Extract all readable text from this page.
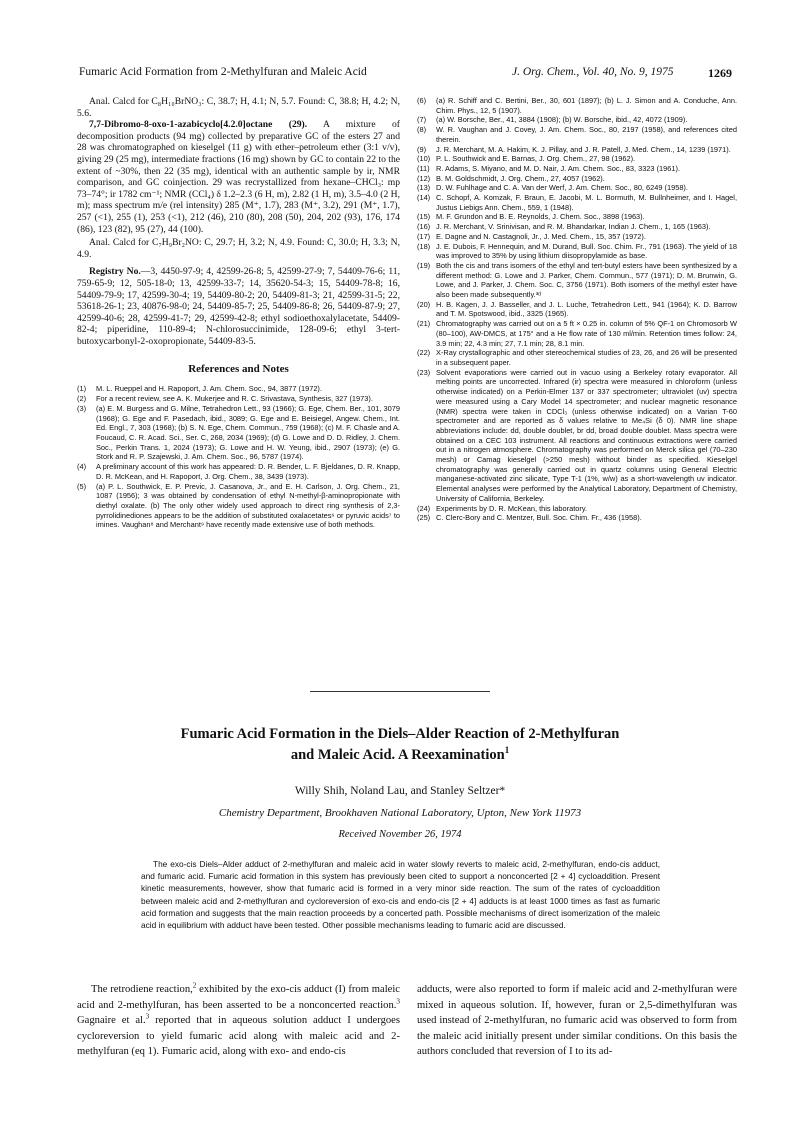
Fumaric Acid Formation from 2-Methylfuran and Maleic Acid	J. Org. Chem., Vol. 40, No. 9, 1975	1269

Anal. Calcd for C₈H₁₀BrNO₃: C, 38.7; H, 4.1; N, 5.7. Found: C, 38.8; H, 4.2; N, 5.6.

7,7-Dibromo-8-oxo-1-azabicyclo[4.2.0]octane (29). A mixture of decomposition products (94 mg) collected by preparative GC of the esters 27 and 28 was chromatographed on kieselgel (11 g) with ether–petroleum ether (3:1 v/v), giving 29 (25 mg), intermediate fractions (16 mg) shown by GC to contain 22 to the extent of ~30%, then 22 (35 mg), identical with an authentic sample by ir, NMR comparison, and GC coinjection. 29 was recrystallized from hexane–CHCl₃: mp 73–74°; ir 1782 cm⁻¹; NMR (CCl₄) δ 1.2–2.3 (6 H, m), 2.82 (1 H, m), 3.5–4.0 (2 H, m); mass spectrum m/e (rel intensity) 285 (M⁺, 1.7), 283 (M⁺, 3.2), 291 (M⁺, 1.7), 257 (<1), 255 (1), 253 (<1), 212 (46), 210 (80), 208 (50), 204, 202 (93), 176, 174 (86), 123 (82), 95 (27), 44 (100).

Anal. Calcd for C₇H₉Br₂NO: C, 29.7; H, 3.2; N, 4.9. Found: C, 30.0; H, 3.3; N, 4.9.

Registry No.—3, 4450-97-9; 4, 42599-26-8; 5, 42599-27-9; 7, 54409-76-6; 11, 759-65-9; 12, 505-18-0; 13, 42599-33-7; 14, 35620-54-3; 15, 54409-78-8; 16, 54409-79-9; 17, 42599-30-4; 19, 54409-80-2; 20, 54409-81-3; 21, 42599-31-5; 22, 53618-26-1; 23, 40876-98-0; 24, 54409-85-7; 25, 54409-86-8; 26, 54409-87-9; 27, 42599-40-6; 28, 42599-41-7; 29, 42599-42-8; ethyl sodioethoxalylacetate, 54409-82-4; piperidine, 110-89-4; N-chlorosuccinimide, 128-09-6; ethyl 3-tert-butoxycarbonyl-2-oxopropionate, 54409-83-5.

References and Notes
(1)	M. L. Rueppel and H. Rapoport, J. Am. Chem. Soc., 94, 3877 (1972).
(2)	For a recent review, see A. K. Mukerjee and R. C. Srivastava, Synthesis, 327 (1973).
(3)	(a) E. M. Burgess and G. Milne, Tetrahedron Lett., 93 (1966); G. Ege, Chem. Ber., 101, 3079 (1968); G. Ege and F. Pasedach, ibid., 3089; G. Ege and E. Beisiegel, Angew. Chem., Int. Ed. Engl., 7, 303 (1968); (b) S. N. Ege, Chem. Commun., 759 (1968); (c) M. F. Chasle and A. Foucaud, C. R. Acad. Sci., Ser. C, 268, 2034 (1969); (d) G. Lowe and D. D. Ridley, J. Chem. Soc., Perkin Trans. 1, 2024 (1973); G. Lowe and H. W. Yeung, ibid., 2907 (1973); (e) G. Stork and R. P. Szajewski, J. Am. Chem. Soc., 96, 5787 (1974).
(4)	A preliminary account of this work has appeared: D. R. Bender, L. F. Bjeldanes, D. R. Knapp, D. R. McKean, and H. Rapoport, J. Org. Chem., 38, 3439 (1973).
(5)	(a) P. L. Southwick, E. P. Previc, J. Casanova, Jr., and E. H. Carlson, J. Org. Chem., 21, 1087 (1956); 3 was obtained by condensation of ethyl N-methyl-β-aminopropionate with diethyl oxalate. (b) The only other widely used approach to direct ring synthesis of 2,3-pyrrolidinediones appears to be the addition of substituted oxalacetates⁶ or pyruvic acids⁷ to imines. Vaughan⁸ and Merchant⁹ have recently made extensive use of both methods.
(6)	(a) R. Schiff and C. Bertini, Ber., 30, 601 (1897); (b) L. J. Simon and A. Conduche, Ann. Chim. Phys., 12, 5 (1907).
(7)	(a) W. Borsche, Ber., 41, 3884 (1908); (b) W. Borsche, ibid., 42, 4072 (1909).
(8)	W. R. Vaughan and J. Covey, J. Am. Chem. Soc., 80, 2197 (1958), and references cited therein.
(9)	J. R. Merchant, M. A. Hakim, K. J. Pillay, and J. R. Patell, J. Med. Chem., 14, 1239 (1971).
(10) P. L. Southwick and E. Barnas, J. Org. Chem., 27, 98 (1962).
(11) R. Adams, S. Miyano, and M. D. Nair, J. Am. Chem. Soc., 83, 3323 (1961).
(12) B. M. Goldschmidt, J. Org. Chem., 27, 4057 (1962).
(13) D. W. Fuhlhage and C. A. Van der Werf, J. Am. Chem. Soc., 80, 6249 (1958).
(14) C. Schopf, A. Komzak, F. Braun, E. Jacobi, M. L. Bormuth, M. Bullnheimer, and I. Hagel, Justus Liebigs Ann. Chem., 559, 1 (1948).
(15) M. F. Grundon and B. E. Reynolds, J. Chem. Soc., 3898 (1963).
(16) J. R. Merchant, V. Srinivisan, and R. M. Bhandarkar, Indian J. Chem., 1, 165 (1963).
(17) E. Dagne and N. Castagnoli, Jr., J. Med. Chem., 15, 357 (1972).
(18) J. E. Dubois, F. Hennequin, and M. Durand, Bull. Soc. Chim. Fr., 791 (1963). The yield of 18 was improved to 35% by using lithium diisopropylamide as base.
(19) Both the cis and trans isomers of the ethyl and tert-butyl esters have been synthesized by a different method: G. Lowe and J. Parker, Chem. Commun., 577 (1971); D. M. Brunwin, G. Lowe, and J. Parker, J. Chem. Soc. C, 3756 (1971). Both isomers of the methyl ester have also been made subsequently.³ᵈ
(20) H. B. Kagen, J. J. Basseller, and J. L. Luche, Tetrahedron Lett., 941 (1964); K. D. Barrow and T. M. Spotswood, ibid., 3325 (1965).
(21) Chromatography was carried out on a 5 ft × 0.25 in. column of 5% QF-1 on Chromosorb W (80–100), AW-DMCS, at 175° and a He flow rate of 130 ml/min. Retention times follow: 24, 3.9 min; 22, 4.3 min; 27, 7.1 min; 28, 8.1 min.
(22) X-Ray crystallographic and other stereochemical studies of 23, 26, and 26 will be presented in a subsequent paper.
(23) Solvent evaporations were carried out in vacuo using a Berkeley rotary evaporator. All melting points are uncorrected. Infrared (ir) spectra were measured in chloroform (unless otherwise indicated) on a Perkin-Elmer 137 or 337 spectrometer; ultraviolet (uv) spectra were measured using a Cary Model 14 spectrometer; and nuclear magnetic resonance (NMR) spectra were taken in CDCl₃ (unless otherwise indicated) on a Varian T-60 spectrometer and are reported as δ values relative to Me₄Si (δ 0). NMR line shape abbreviations include: dd, double doublet, br dd, broad double doublet. Mass spectra were obtained on a CEC 103 instrument. All reactions and continuous extractions were carried out in a nitrogen atmosphere. Chromatography was performed on Merck silica gel (70–230 mesh) or Camag kieselgel (>250 mesh) without binder as specified. Kieselgel chromatography was generally carried out in quartz columns using General Electric manganese-activated zinc silicate, Type T-1 (1%, w/w) as a short-wavelength uv indicator. Elemental analyses were performed by the Analytical Laboratory, Department of Chemistry, University of California, Berkeley.
(24) Experiments by D. R. McKean, this laboratory.
(25) C. Clerc-Bory and C. Mentzer, Bull. Soc. Chim. Fr., 436 (1958).
Fumaric Acid Formation in the Diels–Alder Reaction of 2-Methylfuran
and Maleic Acid. A Reexamination$^1$
Willy Shih, Noland Lau, and Stanley Seltzer*
Chemistry Department, Brookhaven National Laboratory, Upton, New York 11973
Received November 26, 1974
The exo-cis Diels–Alder adduct of 2-methylfuran and maleic acid in water slowly reverts to maleic acid, 2-methylfuran, endo-cis adduct, and fumaric acid. Fumaric acid formation in this system has previously been cited to support a nonconcerted [2 + 4] cycloaddition. Present kinetic measurements, however, show that fumaric acid is formed in a very minor side reaction. The sum of the rates of cycloaddition between maleic acid and 2-methylfuran and cycloreversion of exo-cis and endo-cis [2 + 4] adducts is at least 1000 times as fast as fumaric acid formation and suggests that the main reaction proceeds by a concerted path. Possible mechanisms of direct isomerization of the maleic acid in equilibrium with adduct have been tested. Other possible mechanisms leading to fumaric acid are discussed.
The retrodiene reaction,$^2$ exhibited by the exo-cis adduct (I) from maleic acid and 2-methylfuran, has been asserted to be a nonconcerted reaction.$^3$ Gagnaire et al.$^3$ reported that in aqueous solution adduct I undergoes cycloreversion to yield fumaric acid along with maleic acid and 2-methylfuran (eq 1). Fumaric acid, along with exo- and endo-cis
adducts, were also reported to form if maleic acid and 2-methylfuran were mixed in aqueous solution. If, however, furan or 2,5-dimethylfuran was used instead of 2-methylfuran, no fumaric acid was observed to form from the maleic acid initially present under similar conditions. On this basis the authors concluded that reversion of I to its ad-
